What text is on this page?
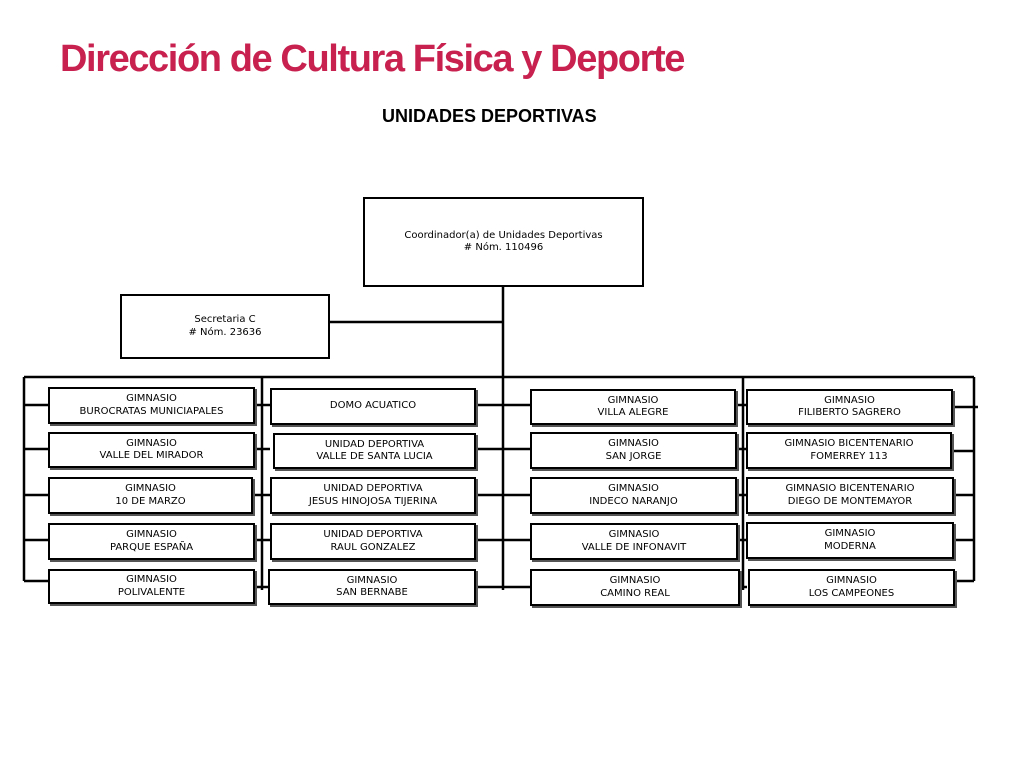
Dirección de Cultura Física y Deporte
UNIDADES DEPORTIVAS
Coordinador(a) de Unidades Deportivas
# Nóm. 110496
Secretaria C
# Nóm. 23636
GIMNASIO
BUROCRATAS MUNICIAPALES
GIMNASIO
VALLE DEL MIRADOR
GIMNASIO
10 DE MARZO
GIMNASIO
PARQUE ESPAÑA
GIMNASIO
POLIVALENTE
DOMO ACUATICO
UNIDAD DEPORTIVA
VALLE DE SANTA LUCIA
UNIDAD DEPORTIVA
JESUS HINOJOSA TIJERINA
UNIDAD DEPORTIVA
RAUL GONZALEZ
GIMNASIO
SAN BERNABE
GIMNASIO
VILLA ALEGRE
GIMNASIO
SAN JORGE
GIMNASIO
INDECO NARANJO
GIMNASIO
VALLE DE INFONAVIT
GIMNASIO
CAMINO REAL
GIMNASIO
FILIBERTO SAGRERO
GIMNASIO BICENTENARIO
FOMERREY 113
GIMNASIO BICENTENARIO
DIEGO DE MONTEMAYOR
GIMNASIO
MODERNA
GIMNASIO
LOS CAMPEONES
